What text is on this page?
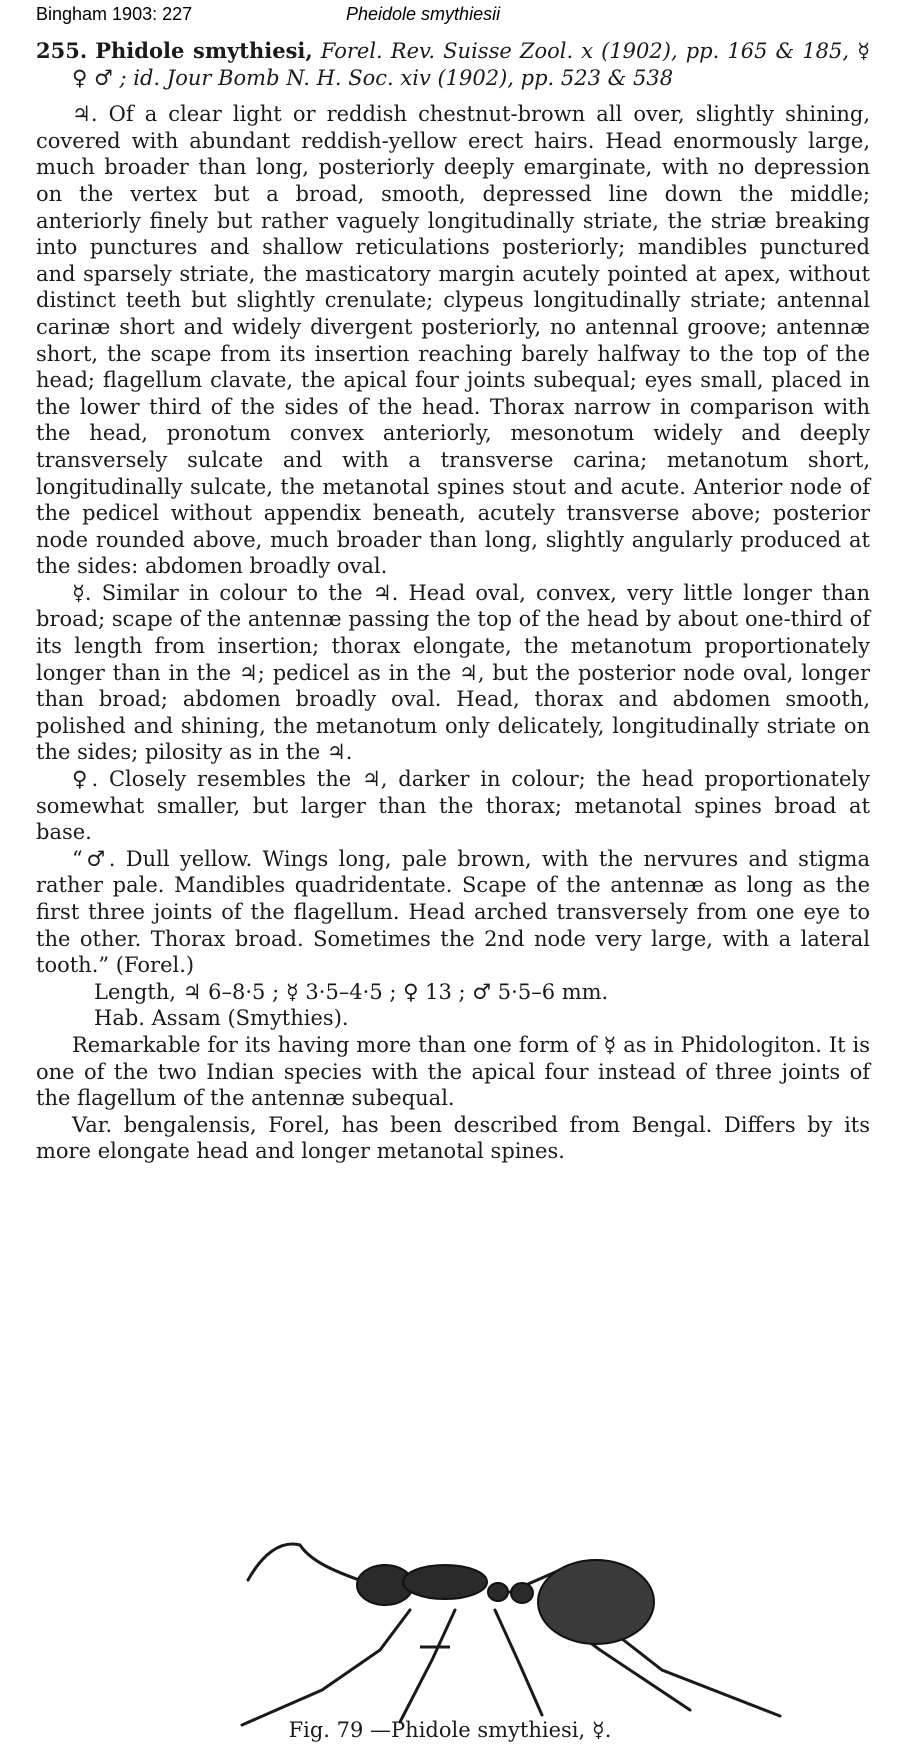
Bingham 1903: 227	Pheidole smythiesii
255. Phidole smythiesi, Forel. Rev. Suisse Zool. x (1902), pp. 165 & 185, ☿ ♀ ♂ ; id. Jour Bomb N. H. Soc. xiv (1902), pp. 523 & 538

♃. Of a clear light or reddish chestnut-brown all over, slightly shining, covered with abundant reddish-yellow erect hairs. Head enormously large, much broader than long, posteriorly deeply emarginate, with no depression on the vertex but a broad, smooth, depressed line down the middle; anteriorly finely but rather vaguely longitudinally striate, the striæ breaking into punctures and shallow reticulations posteriorly; mandibles punctured and sparsely striate, the masticatory margin acutely pointed at apex, without distinct teeth but slightly crenulate; clypeus longitudinally striate; antennal carinæ short and widely divergent posteriorly, no antennal groove; antennæ short, the scape from its insertion reaching barely halfway to the top of the head; flagellum clavate, the apical four joints subequal; eyes small, placed in the lower third of the sides of the head. Thorax narrow in comparison with the head, pronotum convex anteriorly, mesonotum widely and deeply transversely sulcate and with a transverse carina; metanotum short, longitudinally sulcate, the metanotal spines stout and acute. Anterior node of the pedicel without appendix beneath, acutely transverse above; posterior node rounded above, much broader than long, slightly angularly produced at the sides: abdomen broadly oval.

☿. Similar in colour to the ♃. Head oval, convex, very little longer than broad; scape of the antennæ passing the top of the head by about one-third of its length from insertion; thorax elongate, the metanotum proportionately longer than in the ♃; pedicel as in the ♃, but the posterior node oval, longer than broad; abdomen broadly oval. Head, thorax and abdomen smooth, polished and shining, the metanotum only delicately, longitudinally striate on the sides; pilosity as in the ♃.

♀. Closely resembles the ♃, darker in colour; the head proportionately somewhat smaller, but larger than the thorax; metanotal spines broad at base.

“♂. Dull yellow. Wings long, pale brown, with the nervures and stigma rather pale. Mandibles quadridentate. Scape of the antennæ as long as the first three joints of the flagellum. Head arched transversely from one eye to the other. Thorax broad. Sometimes the 2nd node very large, with a lateral tooth.” (Forel.)

Length, ♃ 6–8·5 ; ☿ 3·5–4·5 ; ♀ 13 ; ♂ 5·5–6 mm.

Hab. Assam (Smythies).

Remarkable for its having more than one form of ☿ as in Phidologiton. It is one of the two Indian species with the apical four instead of three joints of the flagellum of the antennæ subequal.

Var. bengalensis, Forel, has been described from Bengal. Differs by its more elongate head and longer metanotal spines.

Fig. 79 —Phidole smythiesi, ☿.
